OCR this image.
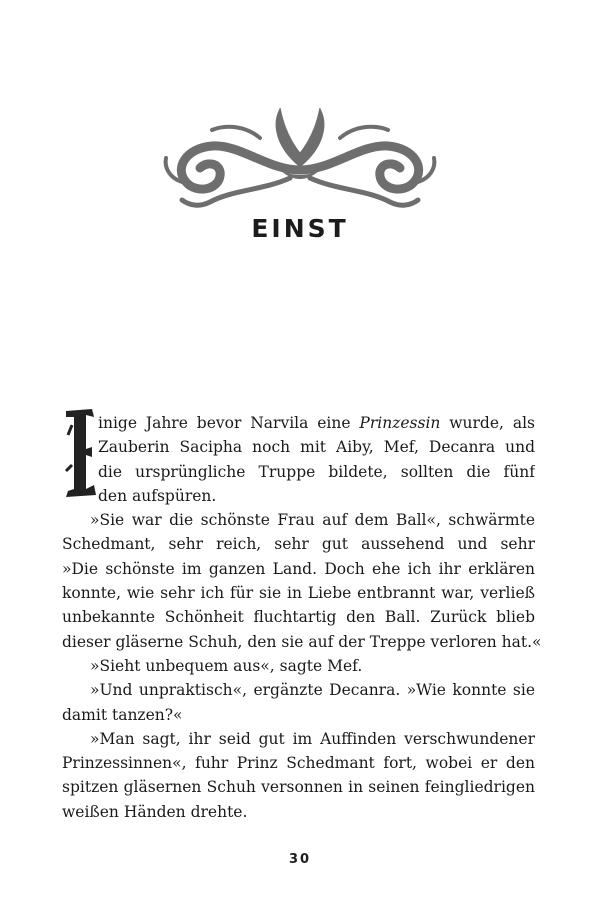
EINST
inige Jahre bevor Narvila eine Prinzessin wurde, als
Zauberin Sacipha noch mit Aiby, Mef, Decanra und
die ursprüngliche Truppe bildete, sollten die fünf
den aufspüren.
»Sie war die schönste Frau auf dem Ball«, schwärmte
Schedmant, sehr reich, sehr gut aussehend und sehr
»Die schönste im ganzen Land. Doch ehe ich ihr erklären
konnte, wie sehr ich für sie in Liebe entbrannt war, verließ
unbekannte Schönheit fluchtartig den Ball. Zurück blieb
dieser gläserne Schuh, den sie auf der Treppe verloren hat.«
»Sieht unbequem aus«, sagte Mef.
»Und unpraktisch«, ergänzte Decanra. »Wie konnte sie
damit tanzen?«
»Man sagt, ihr seid gut im Auffinden verschwundener
Prinzessinnen«, fuhr Prinz Schedmant fort, wobei er den
spitzen gläsernen Schuh versonnen in seinen feingliedrigen
weißen Händen drehte.
30
